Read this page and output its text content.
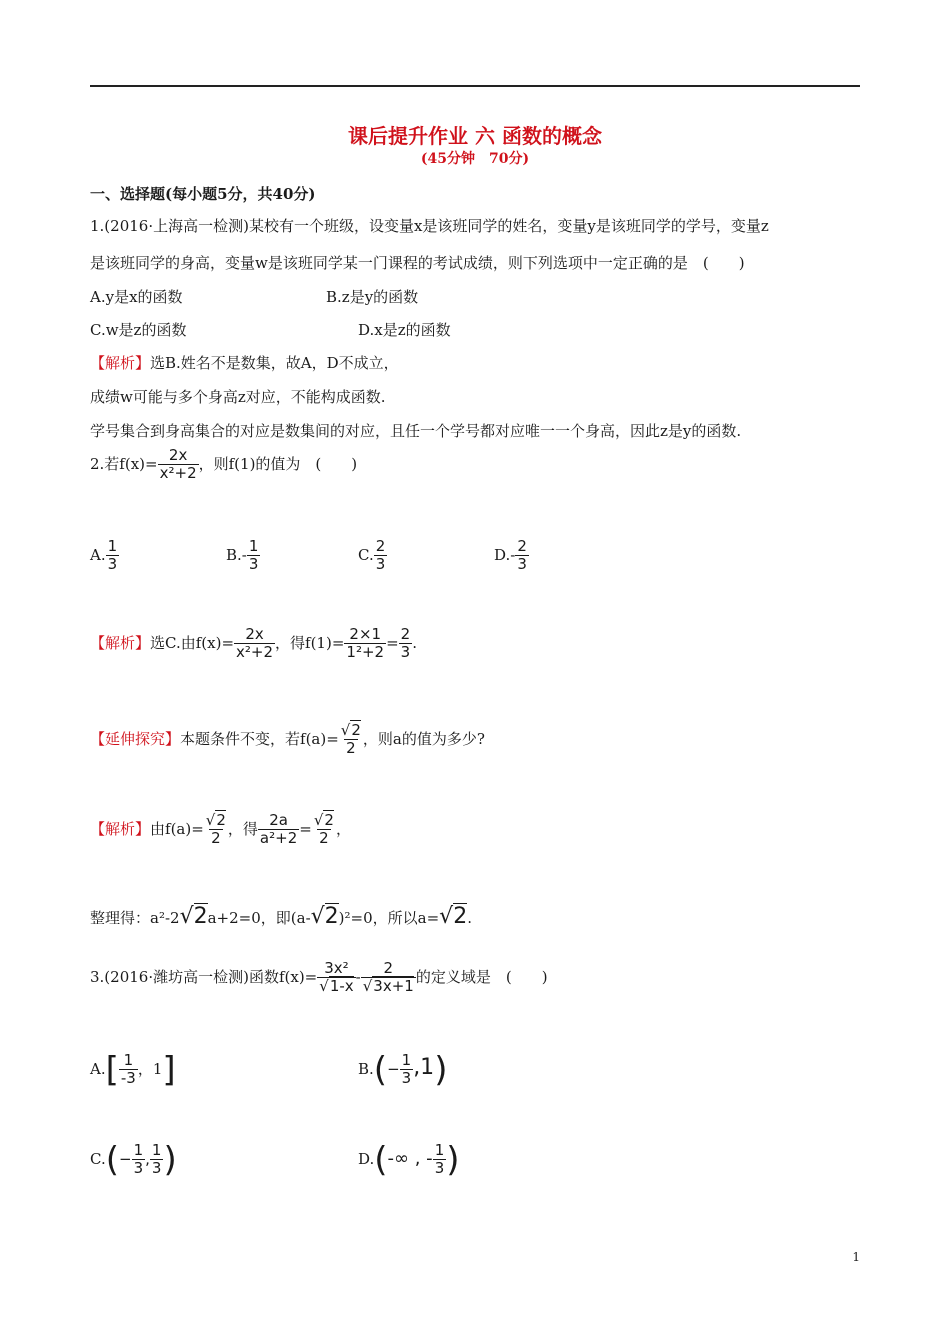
课后提升作业 六 函数的概念
(45分钟　70分)
一、选择题(每小题5分，共40分)
1.(2016·上海高一检测)某校有一个班级，设变量x是该班同学的姓名，变量y是该班同学的学号，变量z
是该班同学的身高，变量w是该班同学某一门课程的考试成绩，则下列选项中一定正确的是　(　　)
A.y是x的函数	B.z是y的函数
C.w是z的函数	D.x是z的函数
【解析】选B.姓名不是数集，故A，D不成立，
成绩w可能与多个身高z对应，不能构成函数.
学号集合到身高集合的对应是数集间的对应，且任一个学号都对应唯一一个身高，因此z是y的函数.
2.若$f(x)= \frac{2x}{\text{x²+2}}$ ，则f(1)的值为　(　　)
A. $\frac{1}{3}$	$B.- \frac{1}{3}$	C. $\frac{2}{3}$	$D.- \frac{2}{3}$
【解析】选C.由$f(x)= \frac{2x}{\text{x²+2}}$ ，得$f(1)= \frac{2\times 1}{\text{1²+2}} = \frac{2}{3}$ .
【延伸探究】本题条件不变，若$f(a)= \frac{√2}{2}$ ，则a的值为多少?
【解析】由$f(a)= \frac{√2}{2}$ ，得 $\frac{2a}{\text{a²+2}} = \frac{√2}{2}$ ，
整理得：a²-2√2a+2=0，即(a-√2)²=0，所以a=√2.
3.(2016·潍坊高一检测)函数$f(x)= \frac{\text{3x²}}{√1-x} - \frac{2}{√3x+1}$ 的定义域是　(　　)
$A.[ \frac{1}{-3}$ ，1]	$B.(- \frac{1}{3} ,1)$
$C.(- \frac{1}{3}$ , $\frac{1}{3}$ )	D.(-∞ , - $\frac{1}{3}$ )
1
